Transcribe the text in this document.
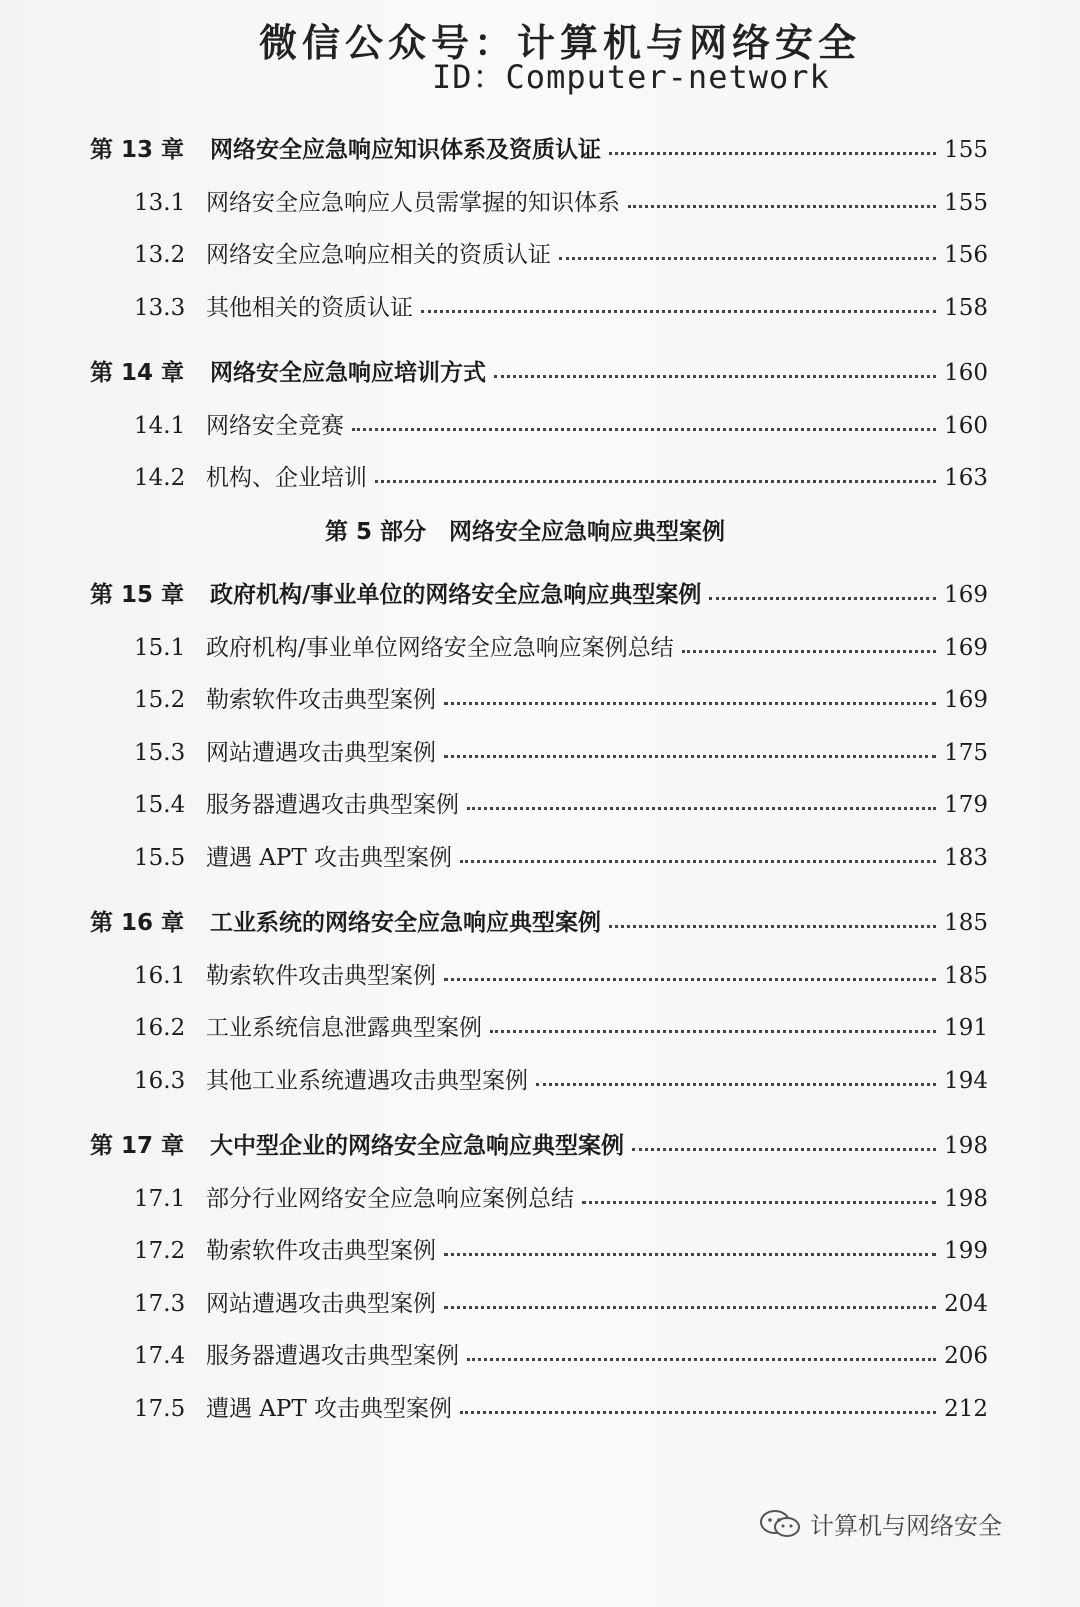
微信公众号：计算机与网络安全
ID：Computer-network
第 13 章 网络安全应急响应知识体系及资质认证	155
13.1 网络安全应急响应人员需掌握的知识体系	155
13.2 网络安全应急响应相关的资质认证	156
13.3 其他相关的资质认证	158
第 14 章 网络安全应急响应培训方式	160
14.1 网络安全竞赛	160
14.2 机构、企业培训	163
第 5 部分　网络安全应急响应典型案例
第 15 章 政府机构/事业单位的网络安全应急响应典型案例	169
15.1 政府机构/事业单位网络安全应急响应案例总结	169
15.2 勒索软件攻击典型案例	169
15.3 网站遭遇攻击典型案例	175
15.4 服务器遭遇攻击典型案例	179
15.5 遭遇 APT 攻击典型案例	183
第 16 章 工业系统的网络安全应急响应典型案例	185
16.1 勒索软件攻击典型案例	185
16.2 工业系统信息泄露典型案例	191
16.3 其他工业系统遭遇攻击典型案例	194
第 17 章 大中型企业的网络安全应急响应典型案例	198
17.1 部分行业网络安全应急响应案例总结	198
17.2 勒索软件攻击典型案例	199
17.3 网站遭遇攻击典型案例	204
17.4 服务器遭遇攻击典型案例	206
17.5 遭遇 APT 攻击典型案例	212
计算机与网络安全
